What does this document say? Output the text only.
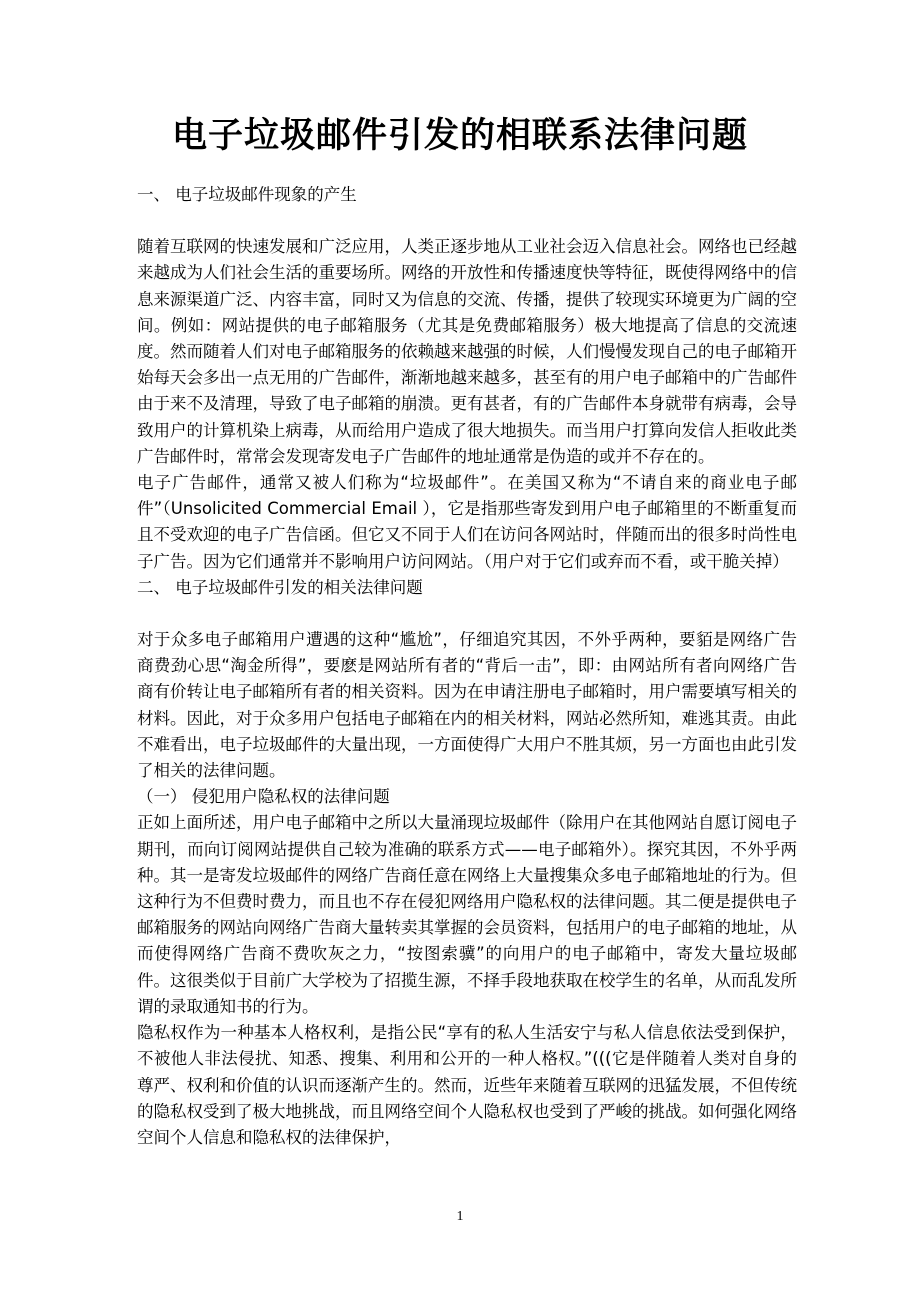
电子垃圾邮件引发的相联系法律问题

一、 电子垃圾邮件现象的产生

随着互联网的快速发展和广泛应用，人类正逐步地从工业社会迈入信息社会。网络也已经越来越成为人们社会生活的重要场所。网络的开放性和传播速度快等特征，既使得网络中的信息来源渠道广泛、内容丰富，同时又为信息的交流、传播，提供了较现实环境更为广阔的空间。例如：网站提供的电子邮箱服务（尤其是免费邮箱服务）极大地提高了信息的交流速度。然而随着人们对电子邮箱服务的依赖越来越强的时候，人们慢慢发现自己的电子邮箱开始每天会多出一点无用的广告邮件，渐渐地越来越多，甚至有的用户电子邮箱中的广告邮件由于来不及清理，导致了电子邮箱的崩溃。更有甚者，有的广告邮件本身就带有病毒，会导致用户的计算机染上病毒，从而给用户造成了很大地损失。而当用户打算向发信人拒收此类广告邮件时，常常会发现寄发电子广告邮件的地址通常是伪造的或并不存在的。

电子广告邮件，通常又被人们称为“垃圾邮件”。在美国又称为“不请自来的商业电子邮件”（Unsolicited Commercial Email ），它是指那些寄发到用户电子邮箱里的不断重复而且不受欢迎的电子广告信函。但它又不同于人们在访问各网站时，伴随而出的很多时尚性电子广告。因为它们通常并不影响用户访问网站。（用户对于它们或弃而不看，或干脆关掉）

二、 电子垃圾邮件引发的相关法律问题

对于众多电子邮箱用户遭遇的这种“尴尬”，仔细追究其因，不外乎两种，要貊是网络广告商费劲心思“淘金所得”，要麽是网站所有者的“背后一击”，即：由网站所有者向网络广告商有价转让电子邮箱所有者的相关资料。因为在申请注册电子邮箱时，用户需要填写相关的材料。因此，对于众多用户包括电子邮箱在内的相关材料，网站必然所知，难逃其责。由此不难看出，电子垃圾邮件的大量出现，一方面使得广大用户不胜其烦，另一方面也由此引发了相关的法律问题。

（一） 侵犯用户隐私权的法律问题

正如上面所述，用户电子邮箱中之所以大量涌现垃圾邮件（除用户在其他网站自愿订阅电子期刊，而向订阅网站提供自己较为准确的联系方式——电子邮箱外）。探究其因，不外乎两种。其一是寄发垃圾邮件的网络广告商任意在网络上大量搜集众多电子邮箱地址的行为。但这种行为不但费时费力，而且也不存在侵犯网络用户隐私权的法律问题。其二便是提供电子邮箱服务的网站向网络广告商大量转卖其掌握的会员资料，包括用户的电子邮箱的地址，从而使得网络广告商不费吹灰之力，“按图索骥”的向用户的电子邮箱中，寄发大量垃圾邮件。这很类似于目前广大学校为了招揽生源，不择手段地获取在校学生的名单，从而乱发所谓的录取通知书的行为。

隐私权作为一种基本人格权利，是指公民“享有的私人生活安宁与私人信息依法受到保护，不被他人非法侵扰、知悉、搜集、利用和公开的一种人格权。”(((它是伴随着人类对自身的尊严、权利和价值的认识而逐渐产生的。然而，近些年来随着互联网的迅猛发展，不但传统的隐私权受到了极大地挑战，而且网络空间个人隐私权也受到了严峻的挑战。如何强化网络空间个人信息和隐私权的法律保护，

1
